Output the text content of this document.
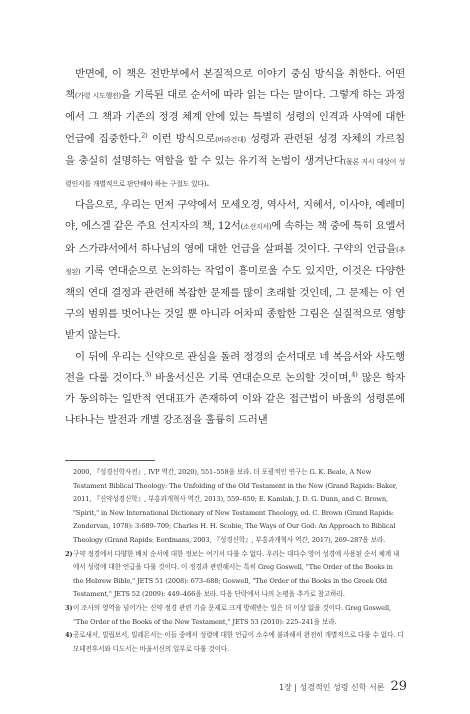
반면에, 이 책은 전반부에서 본질적으로 이야기 중심 방식을 취한다. 어떤 책(가령 시도행전)을 기록된 대로 순서에 따라 읽는 다는 말이다. 그렇게 하는 과정에서 그 책과 기존의 정경 체계 안에 있는 특별히 성령의 인격과 사역에 대한 언급에 집중한다.$^{2)}$ 이런 방식으로(바라건대) 성령과 관련된 성경 자체의 가르침을 충실히 설명하는 역할을 할 수 있는 유기적 논법이 생겨난다(물론 지시 대상이 성령인지를 개별적으로 판단해야 하는 구절도 있다).

다음으로, 우리는 먼저 구약에서 모세오경, 역사서, 지혜서, 이사야, 예레미야, 에스겔 같은 주요 선지자의 책, 12서(소선지서)에 속하는 책 중에 특히 요엘서와 스가랴서에서 하나님의 영에 대한 언급을 살펴볼 것이다. 구약의 언급을(추정된) 기록 연대순으로 논의하는 작업이 흥미로울 수도 있지만, 이것은 다양한 책의 연대 결정과 관련해 복잡한 문제를 많이 초래할 것인데, 그 문제는 이 연구의 범위를 벗어나는 것일 뿐 아니라 어차피 종합한 그림은 실질적으로 영향받지 않는다.

이 뒤에 우리는 신약으로 관심을 돌려 정경의 순서대로 네 복음서와 사도행전을 다룰 것이다.$^{3)}$ 바울서신은 기록 연대순으로 논의할 것이며,$^{4)}$ 많은 학자가 동의하는 일반적 연대표가 존재하여 이와 같은 접근법이 바울의 성령론에 나타나는 발전과 개별 강조점을 훌륭히 드러낸

2000, 『성경신학사전』, IVP 역간, 2020), 551–558을 보라. 더 포괄적인 연구는 G. K. Beale, A New Testament Biblical Theology: The Unfolding of the Old Testament in the New (Grand Rapids: Baker, 2011, 『신약성경신학』, 부흥과개혁사 역간, 2013), 559–650; E. Kamlah, J. D. G. Dunn, and C. Brown, "Spirit," in New International Dictionary of New Testament Theology, ed. C. Brown (Grand Rapids: Zondervan, 1978): 3:689–709; Charles H. H. Scobie, The Ways of Our God: An Approach to Biblical Theology (Grand Rapids: Eerdmans, 2003, 『성경신학』, 부흥과개혁사 역간, 2017), 269–287을 보라.
2) 구약 정경에서 다양한 배치 순서에 대한 정보는 여기서 다룰 수 없다. 우리는 대다수 영어 성경에 사용된 순서 체계 내에서 성령에 대한 언급을 다룰 것이다. 이 정경과 관련해서는 특히 Greg Goswell, "The Order of the Books in the Hebrew Bible," JETS 51 (2008): 673–688; Goswell, "The Order of the Books in the Greek Old Testament," JETS 52 (2009): 449–466을 보라. 다음 단락에서 나의 논평을 추가로 참고하라.
3) 이 조사의 영역을 넘어가는 신약 정경 관련 기술 문제로 크게 방해받는 일은 더 이상 없을 것이다. Greg Goswell, "The Order of the Books of the New Testament," JETS 53 (2010): 225–241을 보라.
4) 공로새서, 빌립보서, 빌레몬서는 이들 중에서 성령에 대한 언급이 소수에 불과해서 완전히 개별적으로 다룰 수 없다. 디모데전후서와 디도서는 바울서신의 일부로 다룰 것이다.
1장 | 성경적인 성령 신학 서론 29
